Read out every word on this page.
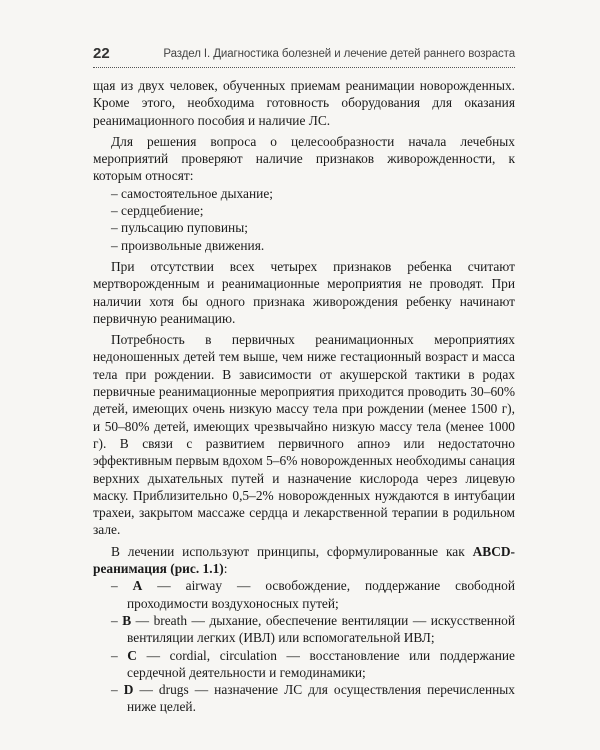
22	Раздел I. Диагностика болезней и лечение детей раннего возраста

щая из двух человек, обученных приемам реанимации новорожденных. Кроме этого, необходима готовность оборудования для оказания реанимационного пособия и наличие ЛС.

Для решения вопроса о целесообразности начала лечебных мероприятий проверяют наличие признаков живорожденности, к которым относят:

– самостоятельное дыхание;

– сердцебиение;

– пульсацию пуповины;

– произвольные движения.

При отсутствии всех четырех признаков ребенка считают мертворожденным и реанимационные мероприятия не проводят. При наличии хотя бы одного признака живорождения ребенку начинают первичную реанимацию.

Потребность в первичных реанимационных мероприятиях недоношенных детей тем выше, чем ниже гестационный возраст и масса тела при рождении. В зависимости от акушерской тактики в родах первичные реанимационные мероприятия приходится проводить 30–60% детей, имеющих очень низкую массу тела при рождении (менее 1500 г), и 50–80% детей, имеющих чрезвычайно низкую массу тела (менее 1000 г). В связи с развитием первичного апноэ или недостаточно эффективным первым вдохом 5–6% новорожденных необходимы санация верхних дыхательных путей и назначение кислорода через лицевую маску. Приблизительно 0,5–2% новорожденных нуждаются в интубации трахеи, закрытом массаже сердца и лекарственной терапии в родильном зале.

В лечении используют принципы, сформулированные как ABCD-реанимация (рис. 1.1):

– А — airway — освобождение, поддержание свободной проходимости воздухоносных путей;

– В — breath — дыхание, обеспечение вентиляции — искусственной вентиляции легких (ИВЛ) или вспомогательной ИВЛ;

– С — cordial, circulation — восстановление или поддержание сердечной деятельности и гемодинамики;

– D — drugs — назначение ЛС для осуществления перечисленных ниже целей.
